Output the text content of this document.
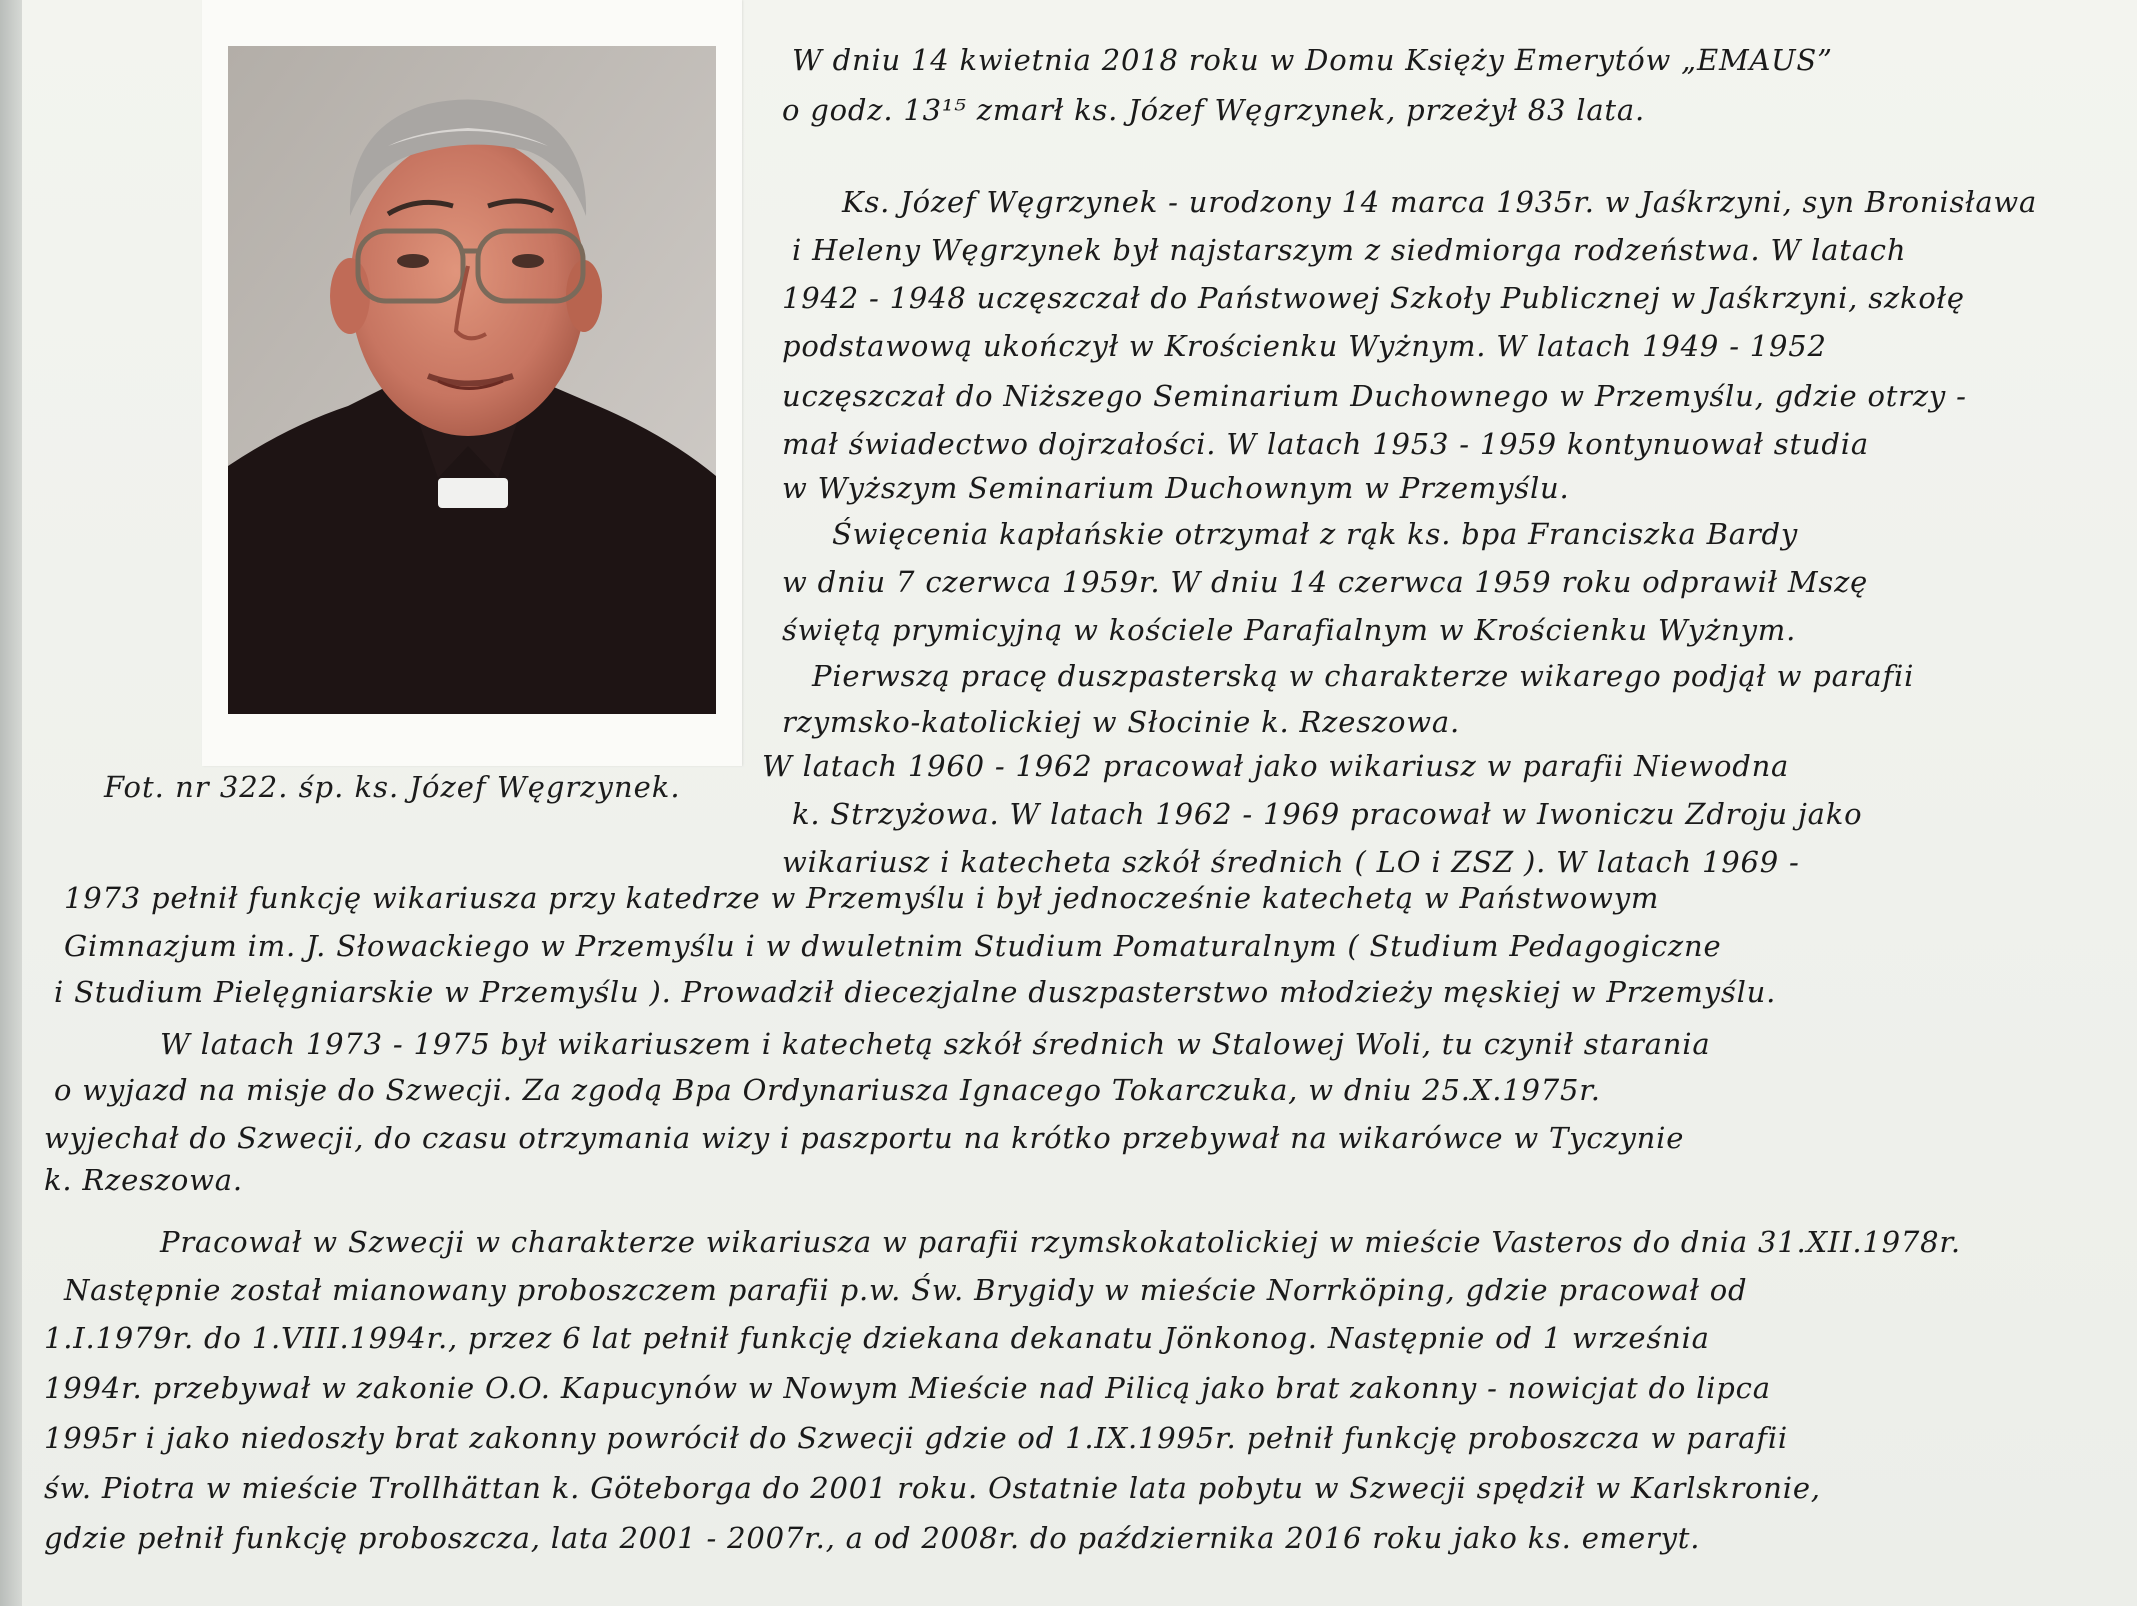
Fot. nr 322. śp. ks. Józef Węgrzynek.
W dniu 14 kwietnia 2018 roku w Domu Księży Emerytów „EMAUS”
o godz. 13¹⁵ zmarł ks. Józef Węgrzynek, przeżył 83 lata.
Ks. Józef Węgrzynek - urodzony 14 marca 1935r. w Jaśkrzyni, syn Bronisława
i Heleny Węgrzynek był najstarszym z siedmiorga rodzeństwa. W latach
1942 - 1948 uczęszczał do Państwowej Szkoły Publicznej w Jaśkrzyni, szkołę
podstawową ukończył w Krościenku Wyżnym. W latach 1949 - 1952
uczęszczał do Niższego Seminarium Duchownego w Przemyślu, gdzie otrzy -
mał świadectwo dojrzałości. W latach 1953 - 1959 kontynuował studia
w Wyższym Seminarium Duchownym w Przemyślu.
Święcenia kapłańskie otrzymał z rąk ks. bpa Franciszka Bardy
w dniu 7 czerwca 1959r. W dniu 14 czerwca 1959 roku odprawił Mszę
świętą prymicyjną w kościele Parafialnym w Krościenku Wyżnym.
Pierwszą pracę duszpasterską w charakterze wikarego podjął w parafii
rzymsko-katolickiej w Słocinie k. Rzeszowa.
W latach 1960 - 1962 pracował jako wikariusz w parafii Niewodna
k. Strzyżowa. W latach 1962 - 1969 pracował w Iwoniczu Zdroju jako
wikariusz i katecheta szkół średnich ( LO i ZSZ ). W latach 1969 -
1973 pełnił funkcję wikariusza przy katedrze w Przemyślu i był jednocześnie katechetą w Państwowym
Gimnazjum im. J. Słowackiego w Przemyślu i w dwuletnim Studium Pomaturalnym ( Studium Pedagogiczne
i Studium Pielęgniarskie w Przemyślu ). Prowadził diecezjalne duszpasterstwo młodzieży męskiej w Przemyślu.
W latach 1973 - 1975 był wikariuszem i katechetą szkół średnich w Stalowej Woli, tu czynił starania
o wyjazd na misje do Szwecji. Za zgodą Bpa Ordynariusza Ignacego Tokarczuka, w dniu 25.X.1975r.
wyjechał do Szwecji, do czasu otrzymania wizy i paszportu na krótko przebywał na wikarówce w Tyczynie
k. Rzeszowa.
Pracował w Szwecji w charakterze wikariusza w parafii rzymskokatolickiej w mieście Vasteros do dnia 31.XII.1978r.
Następnie został mianowany proboszczem parafii p.w. Św. Brygidy w mieście Norrköping, gdzie pracował od
1.I.1979r. do 1.VIII.1994r., przez 6 lat pełnił funkcję dziekana dekanatu Jönkonog. Następnie od 1 września
1994r. przebywał w zakonie O.O. Kapucynów w Nowym Mieście nad Pilicą jako brat zakonny - nowicjat do lipca
1995r i jako niedoszły brat zakonny powrócił do Szwecji gdzie od 1.IX.1995r. pełnił funkcję proboszcza w parafii
św. Piotra w mieście Trollhättan k. Göteborga do 2001 roku. Ostatnie lata pobytu w Szwecji spędził w Karlskronie,
gdzie pełnił funkcję proboszcza, lata 2001 - 2007r., a od 2008r. do października 2016 roku jako ks. emeryt.
